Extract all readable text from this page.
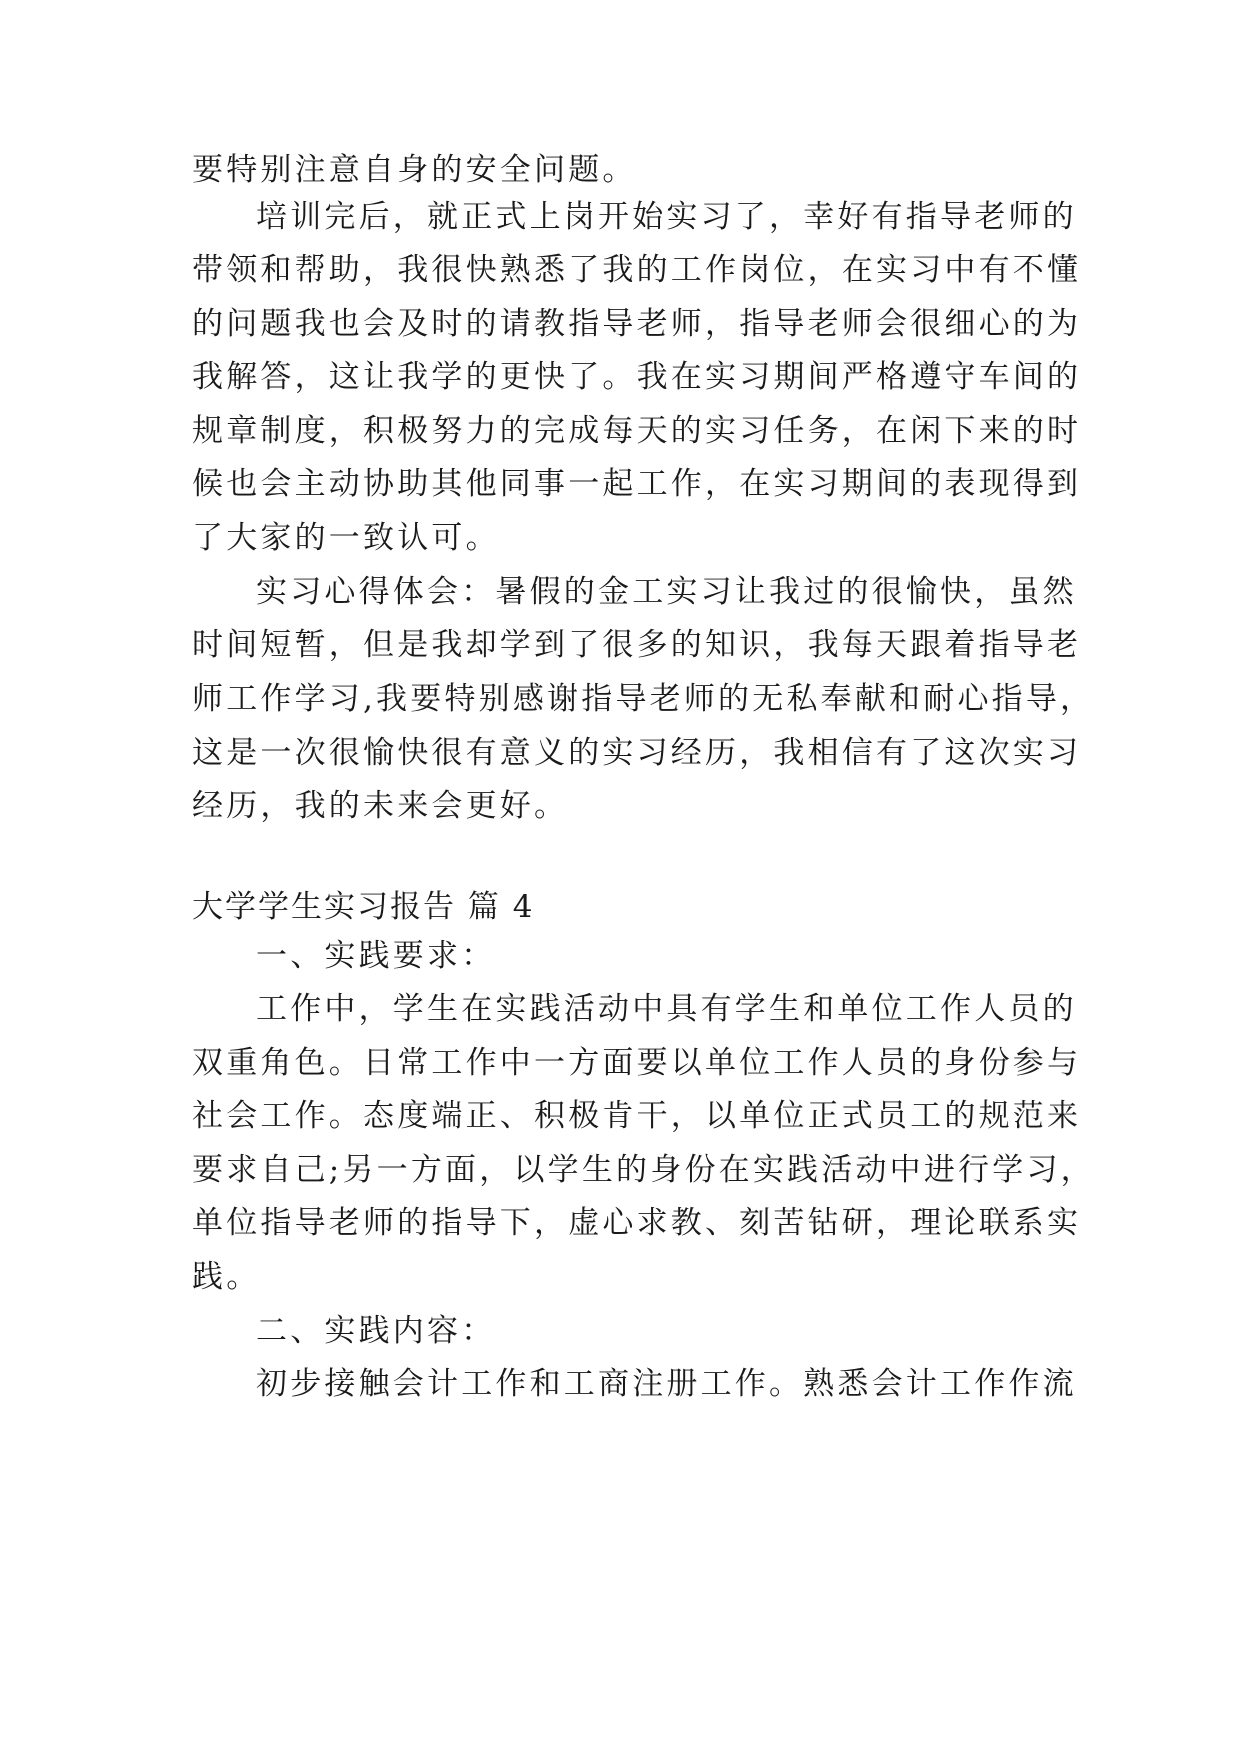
要特别注意自身的安全问题。
培训完后，就正式上岗开始实习了，幸好有指导老师的
带领和帮助，我很快熟悉了我的工作岗位，在实习中有不懂
的问题我也会及时的请教指导老师，指导老师会很细心的为
我解答，这让我学的更快了。我在实习期间严格遵守车间的
规章制度，积极努力的完成每天的实习任务，在闲下来的时
候也会主动协助其他同事一起工作，在实习期间的表现得到
了大家的一致认可。
实习心得体会：暑假的金工实习让我过的很愉快，虽然
时间短暂，但是我却学到了很多的知识，我每天跟着指导老
师工作学习,我要特别感谢指导老师的无私奉献和耐心指导，
这是一次很愉快很有意义的实习经历，我相信有了这次实习
经历，我的未来会更好。
大学学生实习报告 篇 4
一、实践要求：
工作中，学生在实践活动中具有学生和单位工作人员的
双重角色。日常工作中一方面要以单位工作人员的身份参与
社会工作。态度端正、积极肯干，以单位正式员工的规范来
要求自己;另一方面，以学生的身份在实践活动中进行学习，
单位指导老师的指导下，虚心求教、刻苦钻研，理论联系实
践。
二、实践内容：
初步接触会计工作和工商注册工作。熟悉会计工作作流
